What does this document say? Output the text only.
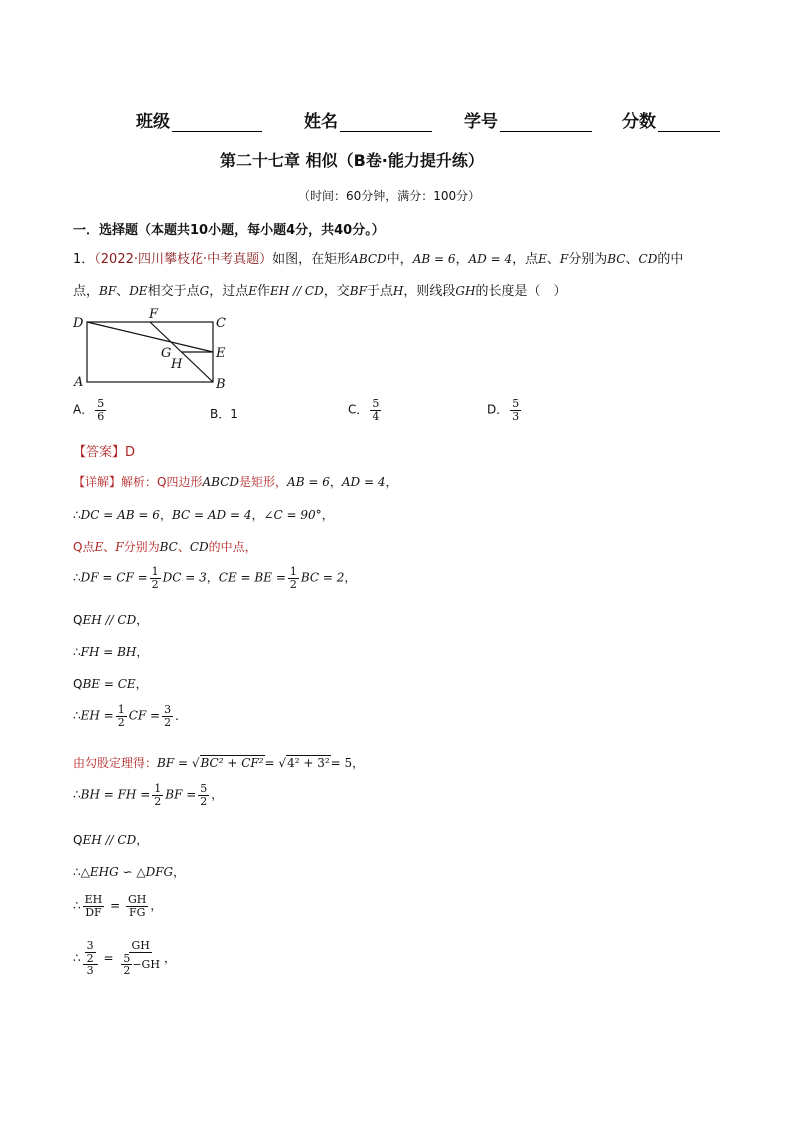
班级	姓名	学号	分数
第二十七章 相似（B卷·能力提升练）
（时间：60分钟，满分：100分）
一．选择题（本题共10小题，每小题4分，共40分。）
1．（2022·四川攀枝花·中考真题）如图，在矩形ABCD中，AB = 6，AD = 4，点E、F分别为BC、CD的中
点，BF、DE相交于点G，过点E作EH // CD，交BF于点H，则线段GH的长度是（　）
D
F
C
G	E
H
A	B
A． $\frac{5}{6}$	B．1	C． $\frac{5}{4}$	D． $\frac{5}{3}$
【答案】D
【详解】解析：Q四边形ABCD是矩形，AB = 6，AD = 4，
∴DC = AB = 6，BC = AD = 4，∠C = 90°，
Q点E、F分别为BC、CD的中点，
∴DF = CF = $\frac{1}{2}$ DC = 3，CE = BE = $\frac{1}{2}$ BC = 2，
QEH // CD，
∴FH = BH，
QBE = CE，
∴EH = $\frac{1}{2}$ CF = $\frac{3}{2}$ ．
由勾股定理得：BF = √BC² + CF²= √4² + 3²= 5，
∴BH = FH = $\frac{1}{2}$ BF = $\frac{5}{2}$ ，
QEH // CD，
∴△EHG ∽ △DFG，
∴ $\frac{EH}{DF} = \frac{GH}{FG}$ ，
∴ $\frac{\frac{3}{2}}{3} = \frac{GH}{\frac{5}{2} -GH}$ ，
